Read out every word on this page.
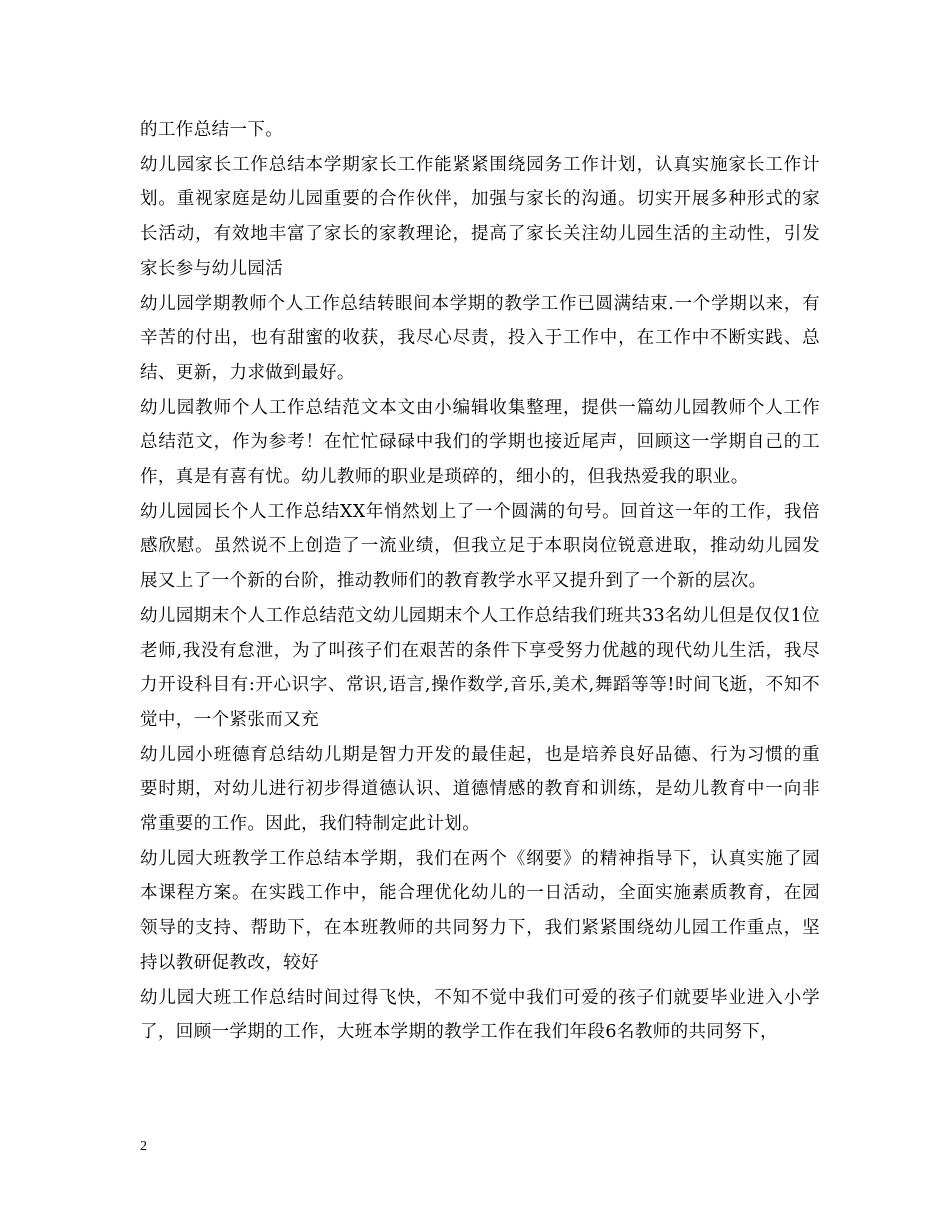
的工作总结一下。

幼儿园家长工作总结本学期家长工作能紧紧围绕园务工作计划，认真实施家长工作计划。重视家庭是幼儿园重要的合作伙伴，加强与家长的沟通。切实开展多种形式的家长活动，有效地丰富了家长的家教理论，提高了家长关注幼儿园生活的主动性，引发家长参与幼儿园活

幼儿园学期教师个人工作总结转眼间本学期的教学工作已圆满结束.一个学期以来，有辛苦的付出，也有甜蜜的收获，我尽心尽责，投入于工作中，在工作中不断实践、总结、更新，力求做到最好。

幼儿园教师个人工作总结范文本文由小编辑收集整理，提供一篇幼儿园教师个人工作总结范文，作为参考！在忙忙碌碌中我们的学期也接近尾声，回顾这一学期自己的工作，真是有喜有忧。幼儿教师的职业是琐碎的，细小的，但我热爱我的职业。

幼儿园园长个人工作总结XX年悄然划上了一个圆满的句号。回首这一年的工作，我倍感欣慰。虽然说不上创造了一流业绩，但我立足于本职岗位锐意进取，推动幼儿园发展又上了一个新的台阶，推动教师们的教育教学水平又提升到了一个新的层次。

幼儿园期末个人工作总结范文幼儿园期末个人工作总结我们班共33名幼儿但是仅仅1位老师,我没有怠泄，为了叫孩子们在艰苦的条件下享受努力优越的现代幼儿生活，我尽力开设科目有:开心识字、常识,语言,操作数学,音乐,美术,舞蹈等等!时间飞逝，不知不觉中，一个紧张而又充

幼儿园小班德育总结幼儿期是智力开发的最佳起，也是培养良好品德、行为习惯的重要时期，对幼儿进行初步得道德认识、道德情感的教育和训练，是幼儿教育中一向非常重要的工作。因此，我们特制定此计划。

幼儿园大班教学工作总结本学期，我们在两个《纲要》的精神指导下，认真实施了园本课程方案。在实践工作中，能合理优化幼儿的一日活动，全面实施素质教育，在园领导的支持、帮助下，在本班教师的共同努力下，我们紧紧围绕幼儿园工作重点，坚持以教研促教改，较好

幼儿园大班工作总结时间过得飞快，不知不觉中我们可爱的孩子们就要毕业进入小学了，回顾一学期的工作，大班本学期的教学工作在我们年段6名教师的共同努下，

2
